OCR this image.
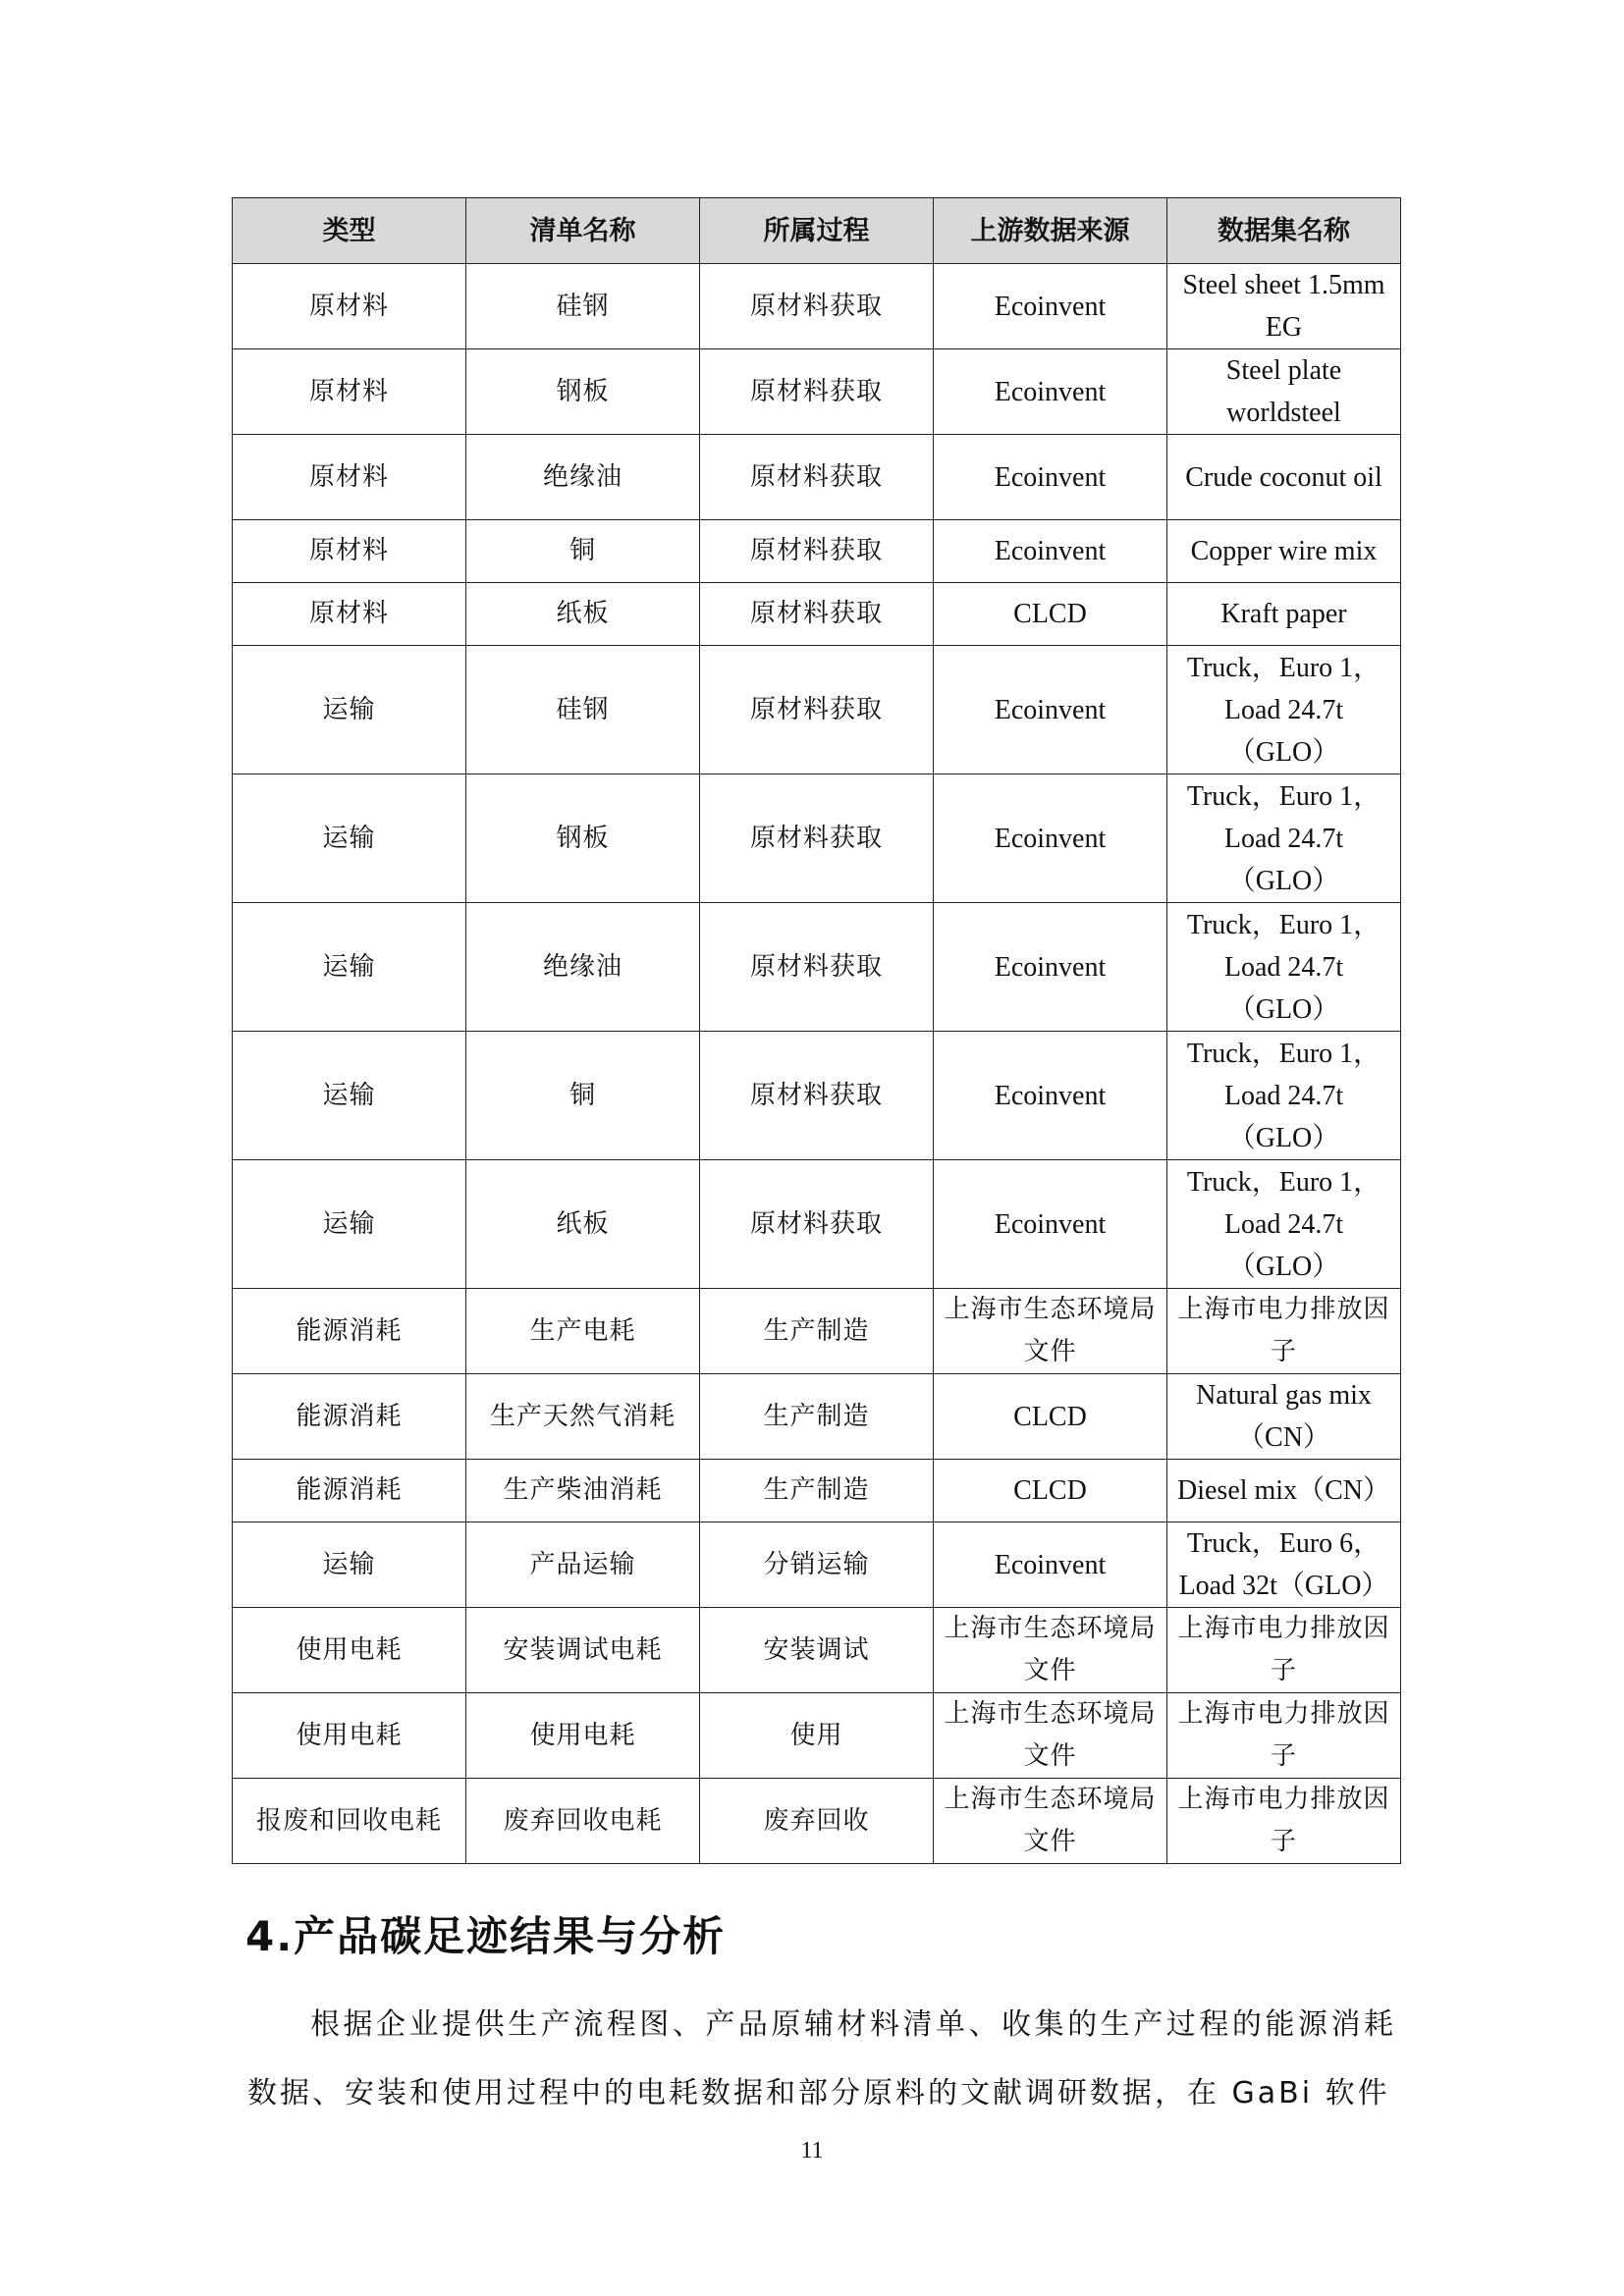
类型	清单名称	所属过程	上游数据来源	数据集名称
原材料	硅钢	原材料获取	Ecoinvent	Steel sheet 1.5mm EG
原材料	钢板	原材料获取	Ecoinvent	Steel plate worldsteel
原材料	绝缘油	原材料获取	Ecoinvent	Crude coconut oil
原材料	铜	原材料获取	Ecoinvent	Copper wire mix
原材料	纸板	原材料获取	CLCD	Kraft paper
运输	硅钢	原材料获取	Ecoinvent	Truck，Euro 1，Load 24.7t（GLO）
运输	钢板	原材料获取	Ecoinvent	Truck，Euro 1，Load 24.7t（GLO）
运输	绝缘油	原材料获取	Ecoinvent	Truck，Euro 1，Load 24.7t（GLO）
运输	铜	原材料获取	Ecoinvent	Truck，Euro 1，Load 24.7t（GLO）
运输	纸板	原材料获取	Ecoinvent	Truck，Euro 1，Load 24.7t（GLO）
能源消耗	生产电耗	生产制造	上海市生态环境局文件	上海市电力排放因子
能源消耗	生产天然气消耗	生产制造	CLCD	Natural gas mix（CN）
能源消耗	生产柴油消耗	生产制造	CLCD	Diesel mix（CN）
运输	产品运输	分销运输	Ecoinvent	Truck，Euro 6，Load 32t（GLO）
使用电耗	安装调试电耗	安装调试	上海市生态环境局文件	上海市电力排放因子
使用电耗	使用电耗	使用	上海市生态环境局文件	上海市电力排放因子
报废和回收电耗	废弃回收电耗	废弃回收	上海市生态环境局文件	上海市电力排放因子
4.产品碳足迹结果与分析

根据企业提供生产流程图、产品原辅材料清单、收集的生产过程的能源消耗数据、安装和使用过程中的电耗数据和部分原料的文献调研数据，在 GaBi 软件

11
